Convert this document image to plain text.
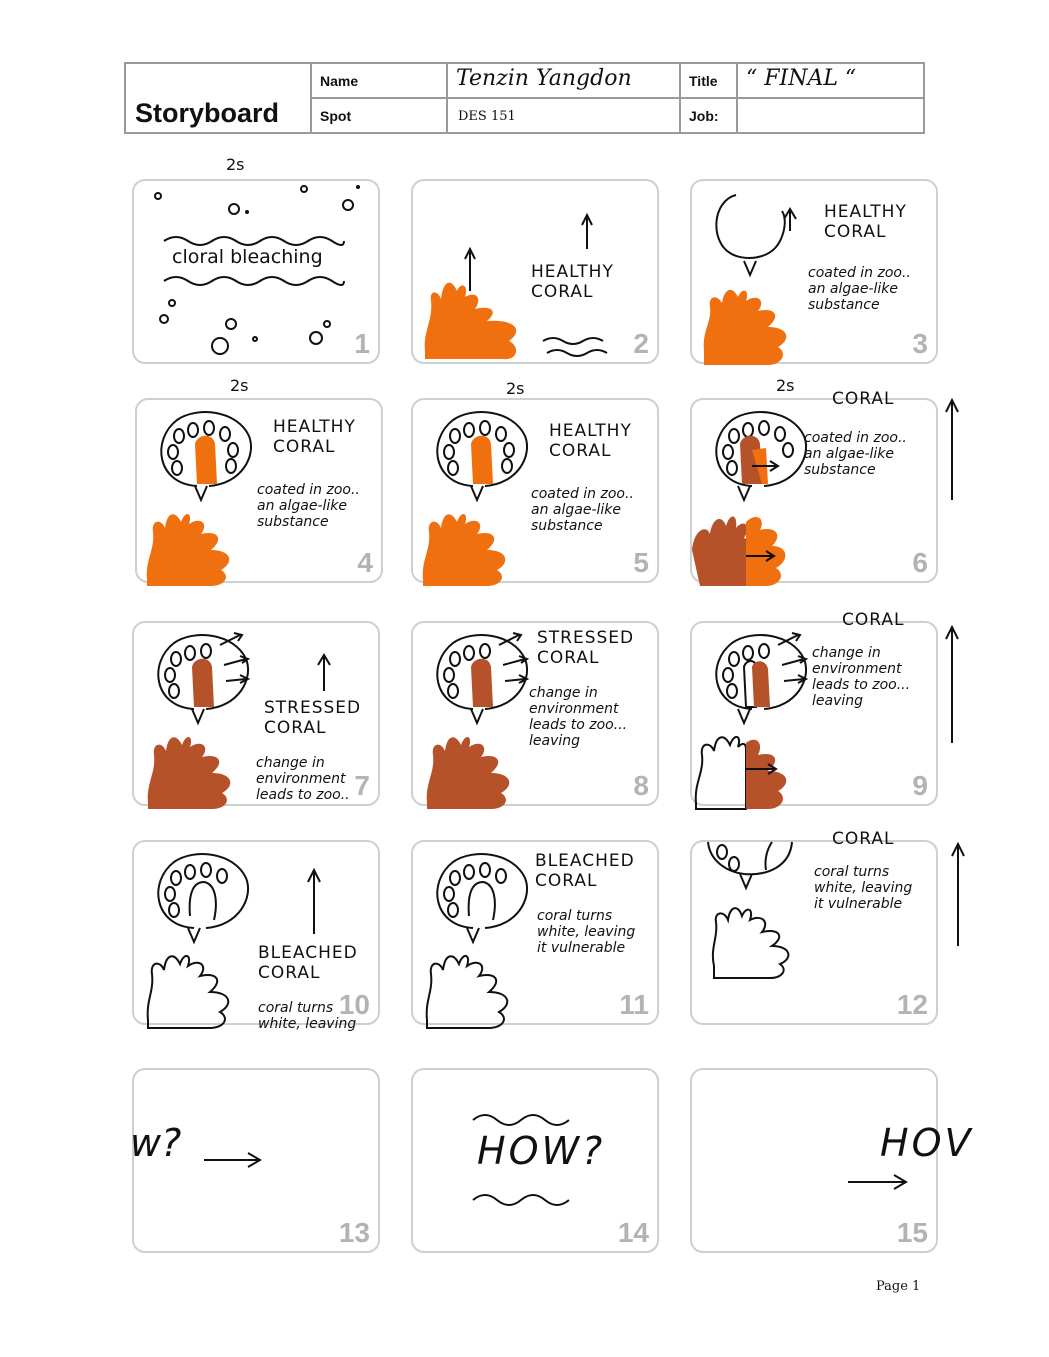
Storyboard
Name	Tenzin Yangdon	Title	“ FINAL “
Spot	DES 151	Job:
2s
2s	2s	2s
cloral bleaching
1
HEALTHY
CORAL
2
HEALTHY
CORAL
coated in zoo..
an algae-like
substance
3
HEALTHY
CORAL
coated in zoo..
an algae-like
substance
4
HEALTHY
CORAL
coated in zoo..
an algae-like
substance
5
CORAL
coated in zoo..
an algae-like
substance
6
STRESSED
CORAL
change in
environment
leads to zoo.. 7
STRESSED
CORAL
change in
environment
leads to zoo...
leaving
8
CORAL
change in
environment
leads to zoo...
leaving
9
BLEACHED
CORAL
coral turns
white, leaving
10
BLEACHED
CORAL
coral turns
white, leaving
it vulnerable
11
CORAL
coral turns
white, leaving
it vulnerable
12
w?
13
HOW?
14
HOV
15
Page 1
